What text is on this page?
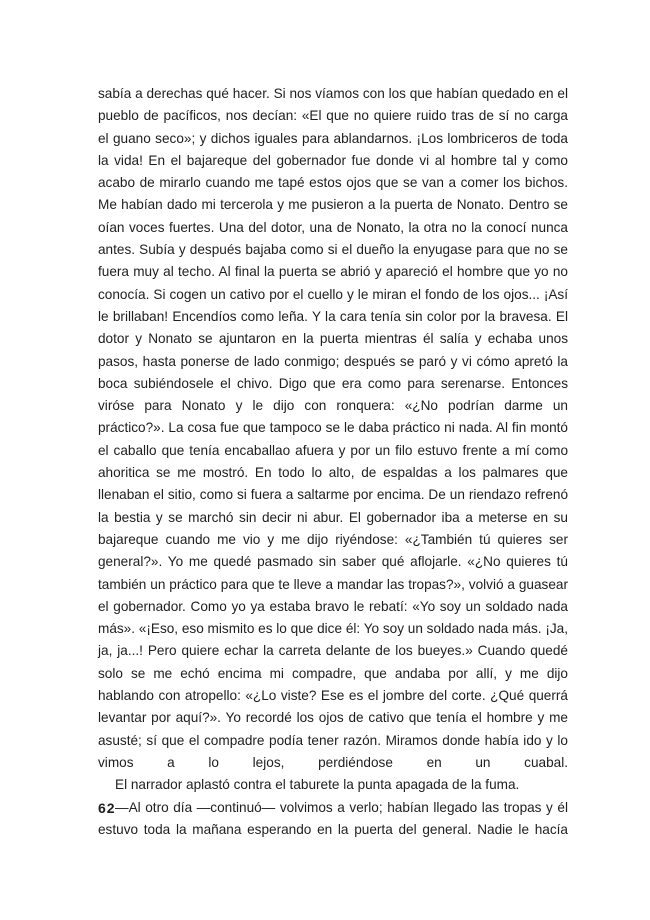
sabía a derechas qué hacer. Si nos víamos con los que habían quedado en el pueblo de pacíficos, nos decían: «El que no quiere ruido tras de sí no carga el guano seco»; y dichos iguales para ablandarnos. ¡Los lombriceros de toda la vida! En el bajareque del gobernador fue donde vi al hombre tal y como acabo de mirarlo cuando me tapé estos ojos que se van a comer los bichos. Me habían dado mi tercerola y me pusieron a la puerta de Nonato. Dentro se oían voces fuertes. Una del dotor, una de Nonato, la otra no la conocí nunca antes. Subía y después bajaba como si el dueño la enyugase para que no se fuera muy al techo. Al final la puerta se abrió y apareció el hombre que yo no conocía. Si cogen un cativo por el cuello y le miran el fondo de los ojos... ¡Así le brillaban! Encendíos como leña. Y la cara tenía sin color por la bravesa. El dotor y Nonato se ajuntaron en la puerta mientras él salía y echaba unos pasos, hasta ponerse de lado conmigo; después se paró y vi cómo apretó la boca subiéndosele el chivo. Digo que era como para serenarse. Entonces viróse para Nonato y le dijo con ronquera: «¿No podrían darme un práctico?». La cosa fue que tampoco se le daba práctico ni nada. Al fin montó el caballo que tenía encaballao afuera y por un filo estuvo frente a mí como ahoritica se me mostró. En todo lo alto, de espaldas a los palmares que llenaban el sitio, como si fuera a saltarme por encima. De un riendazo refrenó la bestia y se marchó sin decir ni abur. El gobernador iba a meterse en su bajareque cuando me vio y me dijo riyéndose: «¿También tú quieres ser general?». Yo me quedé pasmado sin saber qué aflojarle. «¿No quieres tú también un práctico para que te lleve a mandar las tropas?», volvió a guasear el gobernador. Como yo ya estaba bravo le rebatí: «Yo soy un soldado nada más». «¡Eso, eso mismito es lo que dice él: Yo soy un soldado nada más. ¡Ja, ja, ja...! Pero quiere echar la carreta delante de los bueyes.» Cuando quedé solo se me echó encima mi compadre, que andaba por allí, y me dijo hablando con atropello: «¿Lo viste? Ese es el jombre del corte. ¿Qué querrá levantar por aquí?». Yo recordé los ojos de cativo que tenía el hombre y me asusté; sí que el compadre podía tener razón. Miramos donde había ido y lo vimos a lo lejos, perdiéndose en un cuabal.

El narrador aplastó contra el taburete la punta apagada de la fuma.

—Al otro día —continuó— volvimos a verlo; habían llegado las tropas y él estuvo toda la mañana esperando en la puerta del general. Nadie le hacía

62
